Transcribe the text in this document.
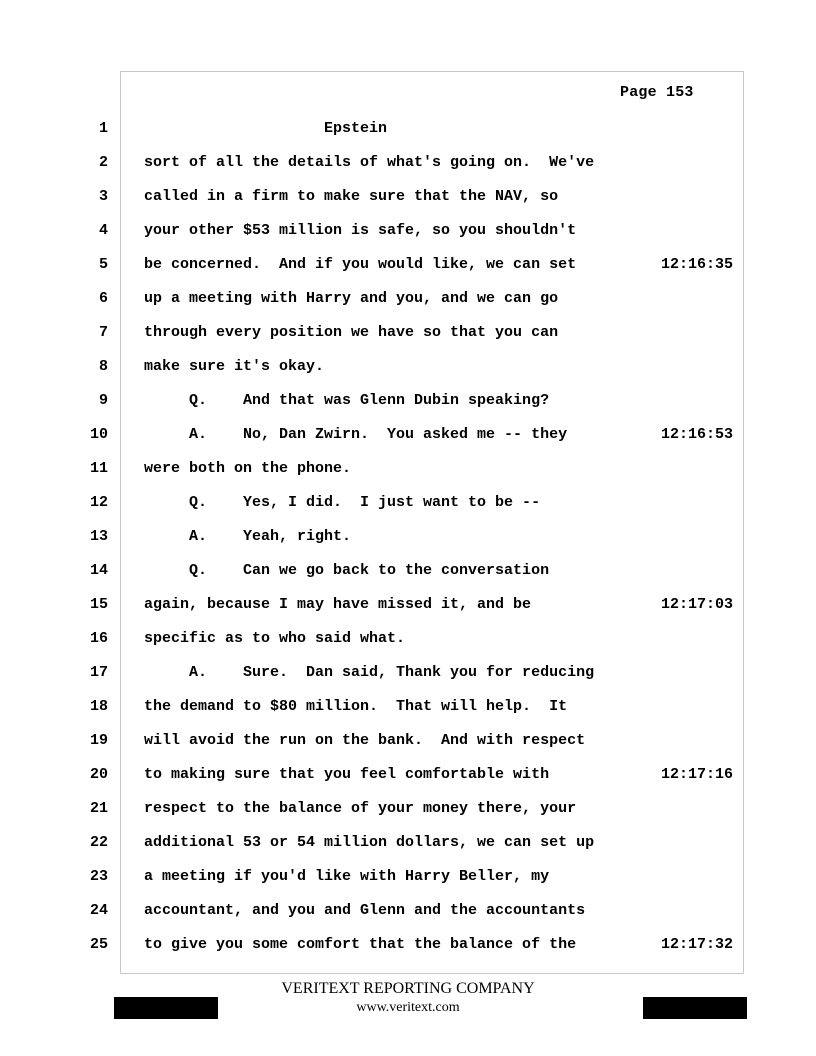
Page 153
1 Epstein
2 sort of all the details of what's going on.  We've
3 called in a firm to make sure that the NAV, so
4 your other $53 million is safe, so you shouldn't
5 be concerned.  And if you would like, we can set	12:16:35
6 up a meeting with Harry and you, and we can go
7 through every position we have so that you can
8 make sure it's okay.
9 Q.    And that was Glenn Dubin speaking?
10 A.    No, Dan Zwirn.  You asked me -- they	12:16:53
11 were both on the phone.
12 Q.    Yes, I did.  I just want to be --
13 A.    Yeah, right.
14 Q.    Can we go back to the conversation
15 again, because I may have missed it, and be	12:17:03
16 specific as to who said what.
17 A.    Sure.  Dan said, Thank you for reducing
18 the demand to $80 million.  That will help.  It
19 will avoid the run on the bank.  And with respect
20 to making sure that you feel comfortable with	12:17:16
21 respect to the balance of your money there, your
22 additional 53 or 54 million dollars, we can set up
23 a meeting if you'd like with Harry Beller, my
24 accountant, and you and Glenn and the accountants
25 to give you some comfort that the balance of the	12:17:32
VERITEXT REPORTING COMPANY
www.veritext.com
